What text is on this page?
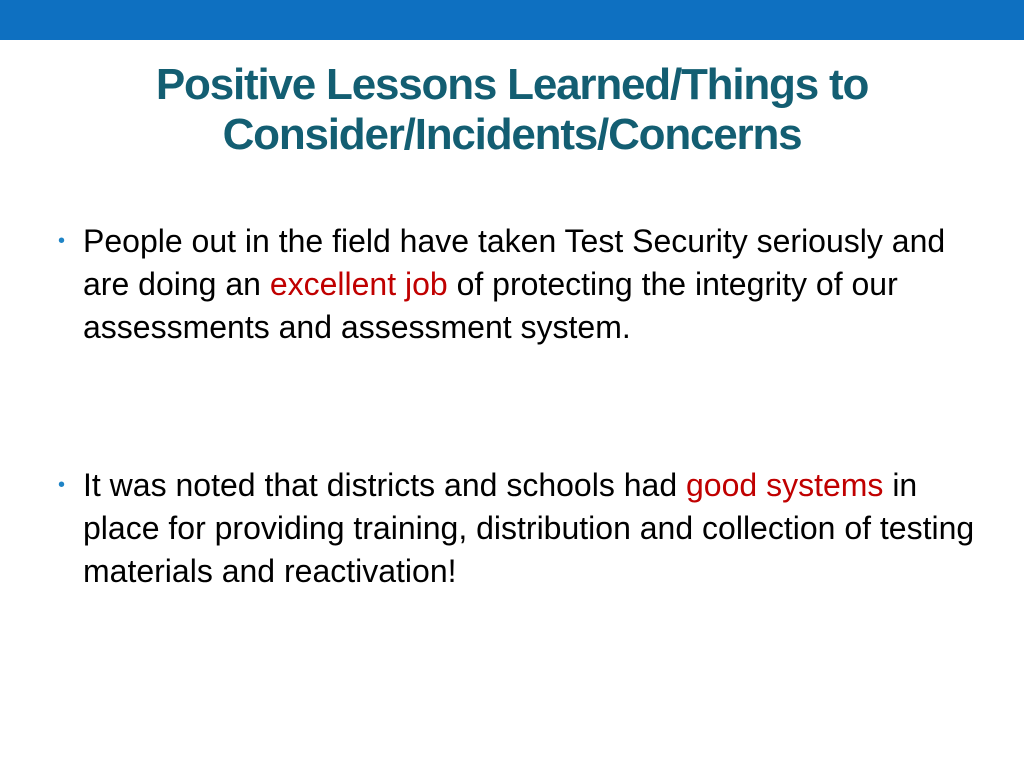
Positive Lessons Learned/Things to Consider/Incidents/Concerns
• People out in the field have taken Test Security seriously and are doing an excellent job of protecting the integrity of our assessments and assessment system.
• It was noted that districts and schools had good systems in place for providing training, distribution and collection of testing materials and reactivation!
